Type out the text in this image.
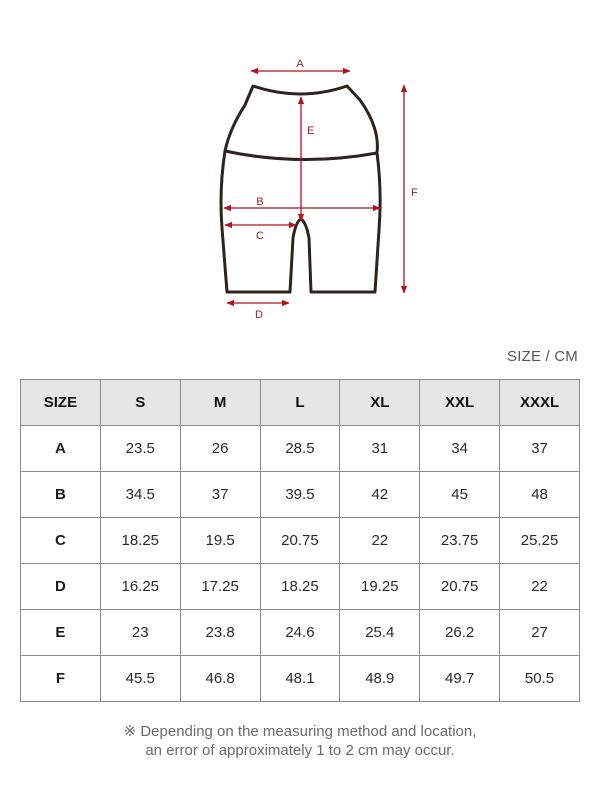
A
E
F
B
C
D
SIZE / CM
SIZE	S	M	L	XL	XXL	XXXL
A	23.5	26	28.5	31	34	37
B	34.5	37	39.5	42	45	48
C	18.25	19.5	20.75	22	23.75	25.25
D	16.25	17.25	18.25	19.25	20.75	22
E	23	23.8	24.6	25.4	26.2	27
F	45.5	46.8	48.1	48.9	49.7	50.5
※ Depending on the measuring method and location,
an error of approximately 1 to 2 cm may occur.
